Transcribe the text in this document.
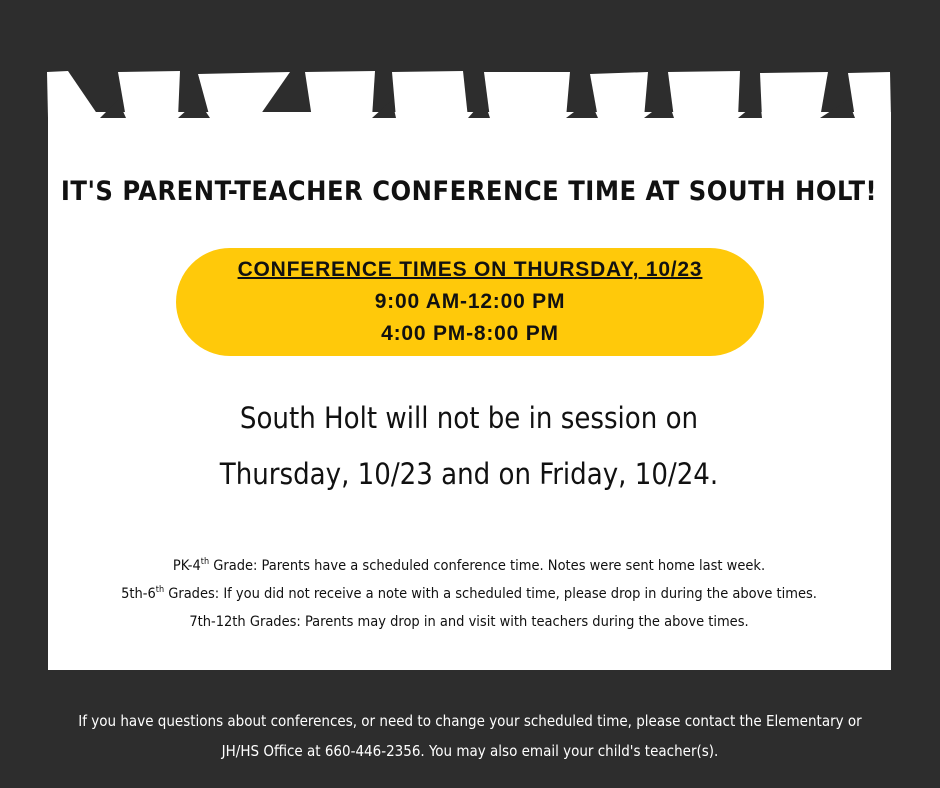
IT'S PARENT-TEACHER CONFERENCE TIME AT SOUTH HOLT!
CONFERENCE TIMES ON THURSDAY, 10/23
9:00 AM-12:00 PM
4:00 PM-8:00 PM
South Holt will not be in session on
Thursday, 10/23 and on Friday, 10/24.
PK-4th Grade: Parents have a scheduled conference time. Notes were sent home last week.
5th-6th Grades: If you did not receive a note with a scheduled time, please drop in during the above times.
7th-12th Grades: Parents may drop in and visit with teachers during the above times.
If you have questions about conferences, or need to change your scheduled time, please contact the Elementary or
JH/HS Office at 660-446-2356. You may also email your child's teacher(s).
